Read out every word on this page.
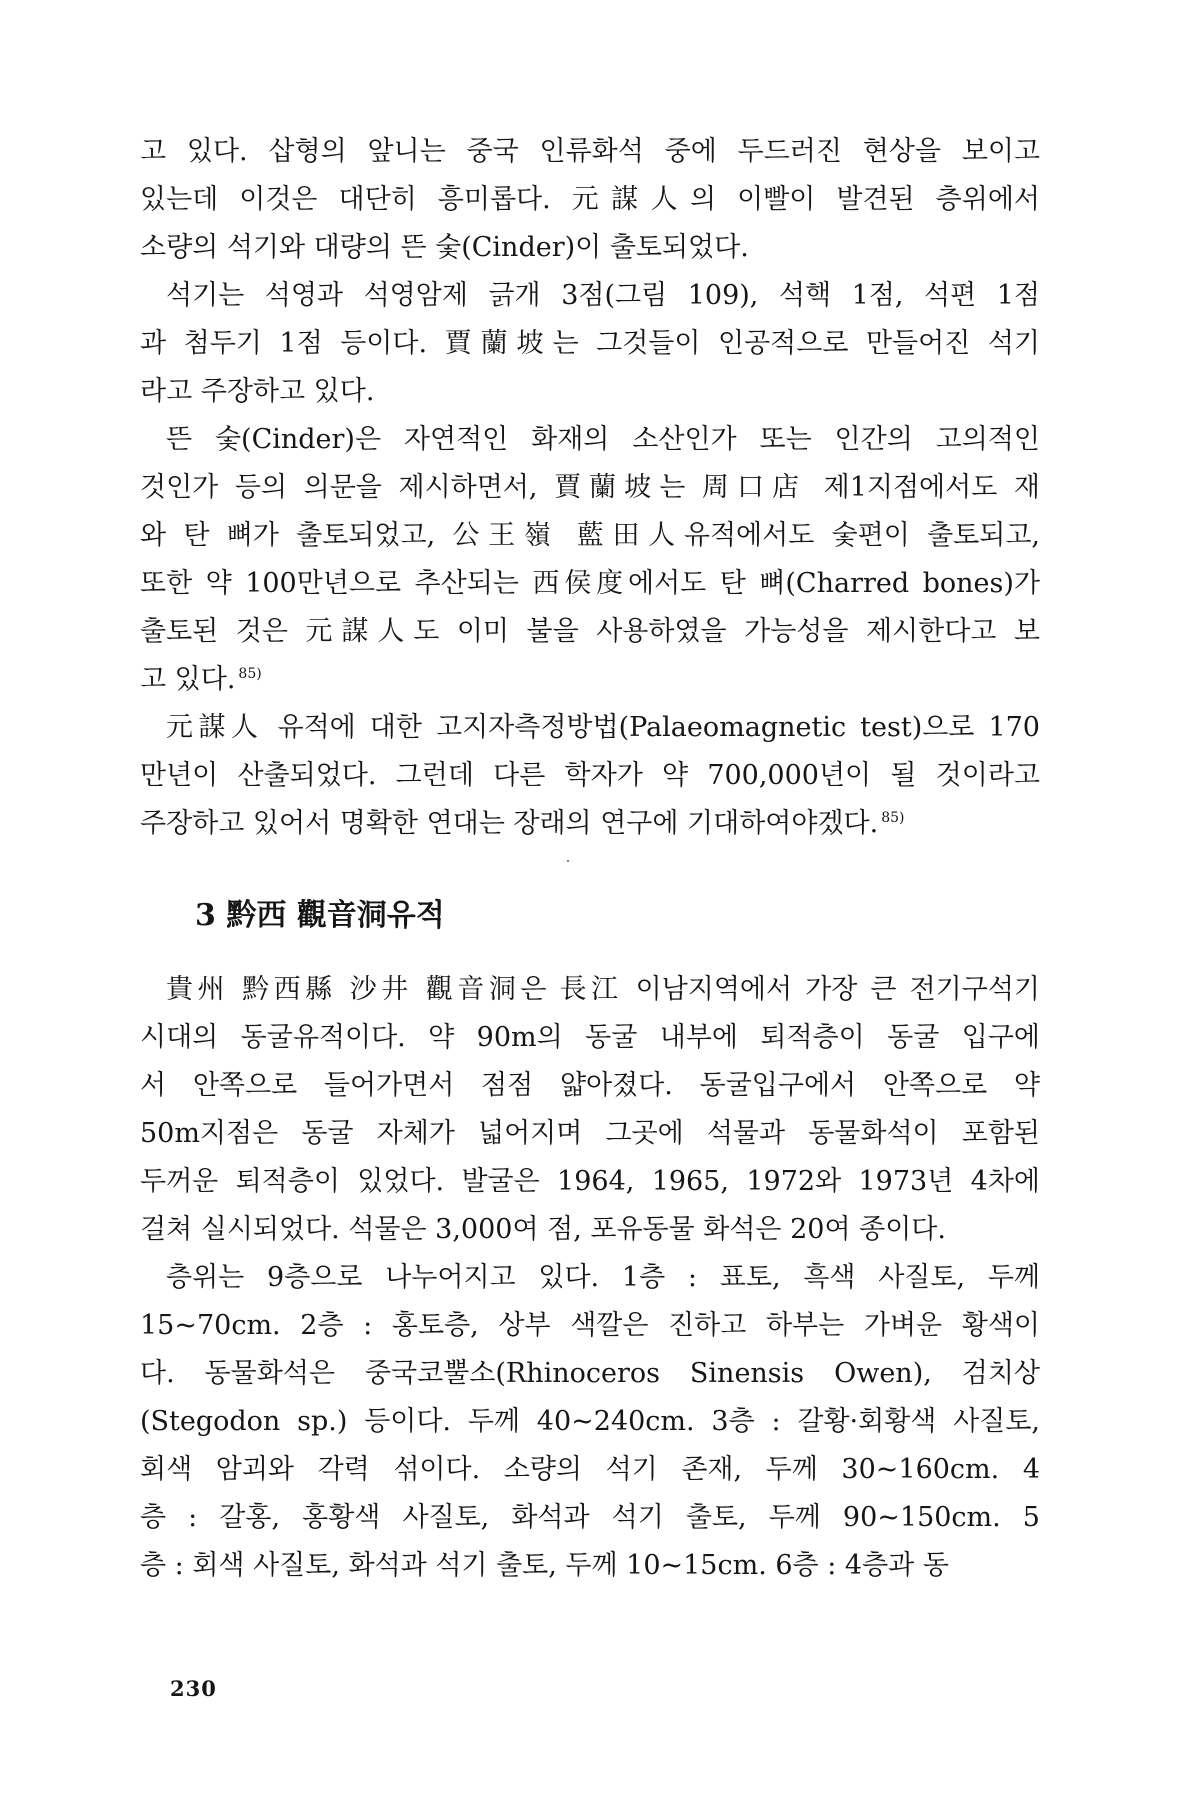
고 있다. 삽형의 앞니는 중국 인류화석 중에 두드러진 현상을 보이고
있는데 이것은 대단히 흥미롭다. 元謀人의 이빨이 발견된 층위에서
소량의 석기와 대량의 뜬 숯(Cinder)이 출토되었다.
석기는 석영과 석영암제 긁개 3점(그림 109), 석핵 1점, 석편 1점
과 첨두기 1점 등이다. 賈蘭坡는 그것들이 인공적으로 만들어진 석기
라고 주장하고 있다.
뜬 숯(Cinder)은 자연적인 화재의 소산인가 또는 인간의 고의적인
것인가 등의 의문을 제시하면서, 賈蘭坡는 周口店 제1지점에서도 재
와 탄 뼈가 출토되었고, 公王嶺 藍田人유적에서도 숯편이 출토되고,
또한 약 100만년으로 추산되는 西侯度에서도 탄 뼈(Charred bones)가
출토된 것은 元謀人도 이미 불을 사용하였을 가능성을 제시한다고 보
고 있다. $^{85)}$
元謀人 유적에 대한 고지자측정방법(Palaeomagnetic test)으로 170
만년이 산출되었다. 그런데 다른 학자가 약 700,000년이 될 것이라고
주장하고 있어서 명확한 연대는 장래의 연구에 기대하여야겠다. $^{85)}$
3 黔西 觀音洞유적
貴州 黔西縣 沙井 觀音洞은 長江 이남지역에서 가장 큰 전기구석기
시대의 동굴유적이다. 약 90m의 동굴 내부에 퇴적층이 동굴 입구에
서 안쪽으로 들어가면서 점점 얇아졌다. 동굴입구에서 안쪽으로 약
50m지점은 동굴 자체가 넓어지며 그곳에 석물과 동물화석이 포함된
두꺼운 퇴적층이 있었다. 발굴은 1964, 1965, 1972와 1973년 4차에
걸쳐 실시되었다. 석물은 3,000여 점, 포유동물 화석은 20여 종이다.
층위는 9층으로 나누어지고 있다. 1층 : 표토, 흑색 사질토, 두께
15~70cm. 2층 : 홍토층, 상부 색깔은 진하고 하부는 가벼운 황색이
다. 동물화석은 중국코뿔소(Rhinoceros Sinensis Owen), 검치상
(Stegodon sp.) 등이다. 두께 40~240cm. 3층 : 갈황·회황색 사질토,
회색 암괴와 각력 섞이다. 소량의 석기 존재, 두께 30~160cm. 4
층 : 갈홍, 홍황색 사질토, 화석과 석기 출토, 두께 90~150cm. 5
층 : 회색 사질토, 화석과 석기 출토, 두께 10~15cm. 6층 : 4층과 동
230
